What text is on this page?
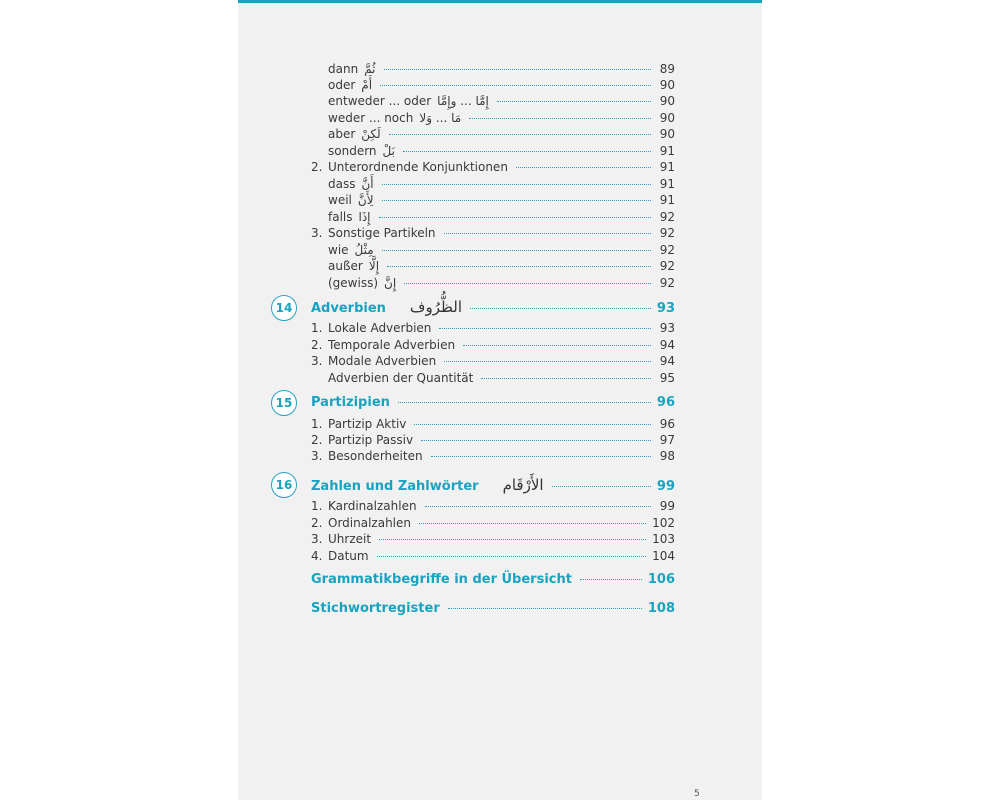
dann ثُمَّ	89
oder أَمْ	90
entweder ... oder إِمَّا ... وإِمَّا	90
weder ... noch مَا ... وَلا	90
aber لَكِنْ	90
sondern بَلْ	91
2. Unterordnende Konjunktionen	91
dass أَنَّ	91
weil لِأَنَّ	91
falls إِذَا	92
3. Sonstige Partikeln	92
wie مِثْلُ	92
außer إِلَّا	92
(gewiss) إِنَّ	92
14	Adverbien الظُّرُوف	93
1. Lokale Adverbien	93
2. Temporale Adverbien	94
3. Modale Adverbien	94
Adverbien der Quantität	95
15	Partizipien	96
1. Partizip Aktiv	96
2. Partizip Passiv	97
3. Besonderheiten	98
16	Zahlen und Zahlwörter الأَرْقَام	99
1. Kardinalzahlen	99
2. Ordinalzahlen	102
3. Uhrzeit	103
4. Datum	104
Grammatikbegriffe in der Übersicht	106
Stichwortregister	108
5
